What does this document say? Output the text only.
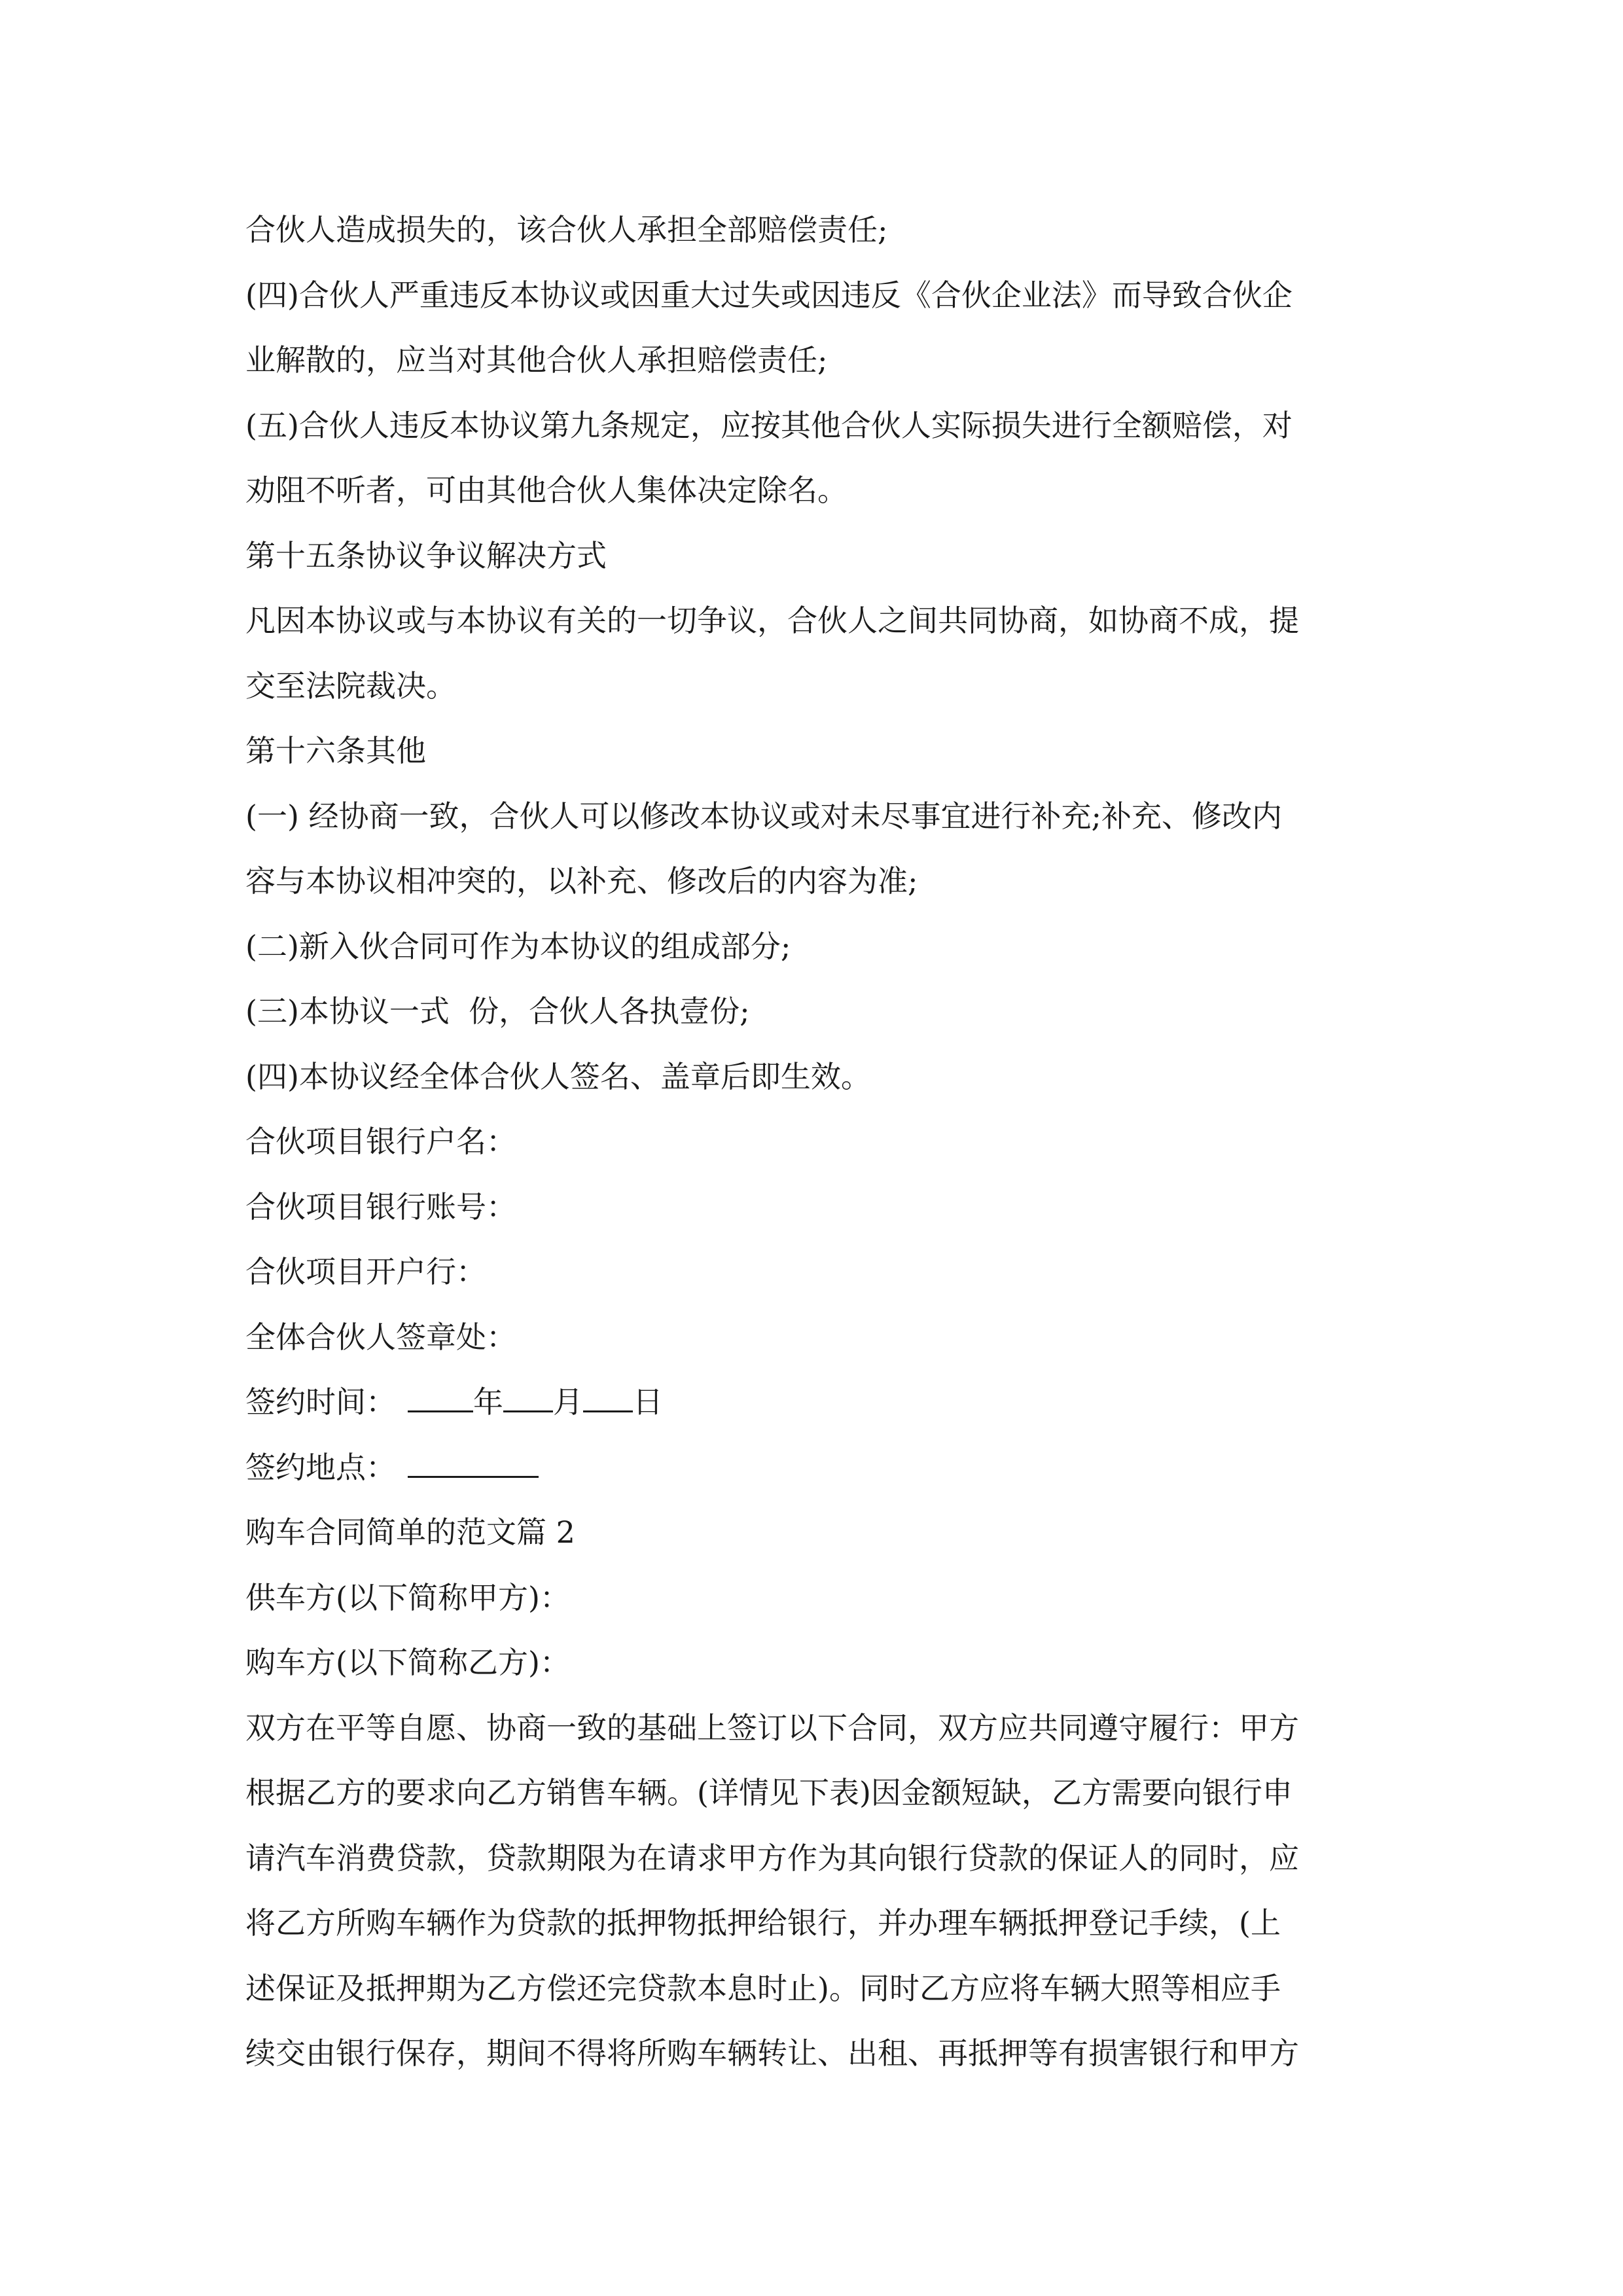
合伙人造成损失的，该合伙人承担全部赔偿责任;
(四)合伙人严重违反本协议或因重大过失或因违反《合伙企业法》而导致合伙企
业解散的，应当对其他合伙人承担赔偿责任;
(五)合伙人违反本协议第九条规定，应按其他合伙人实际损失进行全额赔偿，对
劝阻不听者，可由其他合伙人集体决定除名。
第十五条协议争议解决方式
凡因本协议或与本协议有关的一切争议，合伙人之间共同协商，如协商不成，提
交至法院裁决。
第十六条其他
(一) 经协商一致，合伙人可以修改本协议或对未尽事宜进行补充;补充、修改内
容与本协议相冲突的，以补充、修改后的内容为准;
(二)新入伙合同可作为本协议的组成部分;
(三)本协议一式  份，合伙人各执壹份;
(四)本协议经全体合伙人签名、盖章后即生效。
合伙项目银行户名：
合伙项目银行账号：
合伙项目开户行：
全体合伙人签章处：
签约时间：	年 月 日
签约地点：
购车合同简单的范文篇 2
供车方(以下简称甲方)：
购车方(以下简称乙方)：
双方在平等自愿、协商一致的基础上签订以下合同，双方应共同遵守履行：甲方
根据乙方的要求向乙方销售车辆。(详情见下表)因金额短缺，乙方需要向银行申
请汽车消费贷款，贷款期限为在请求甲方作为其向银行贷款的保证人的同时，应
将乙方所购车辆作为贷款的抵押物抵押给银行，并办理车辆抵押登记手续，(上
述保证及抵押期为乙方偿还完贷款本息时止)。同时乙方应将车辆大照等相应手
续交由银行保存，期间不得将所购车辆转让、出租、再抵押等有损害银行和甲方
